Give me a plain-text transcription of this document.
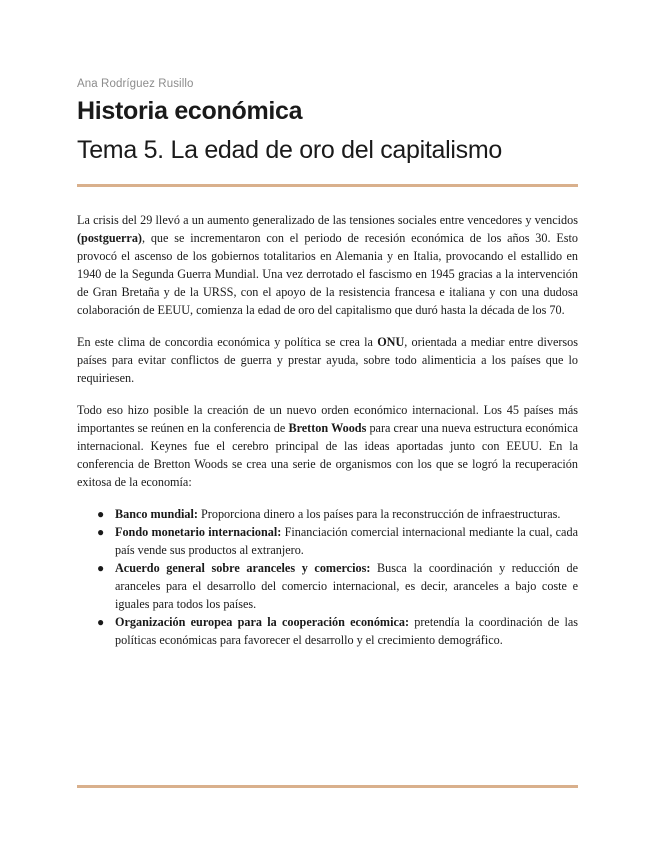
Ana Rodríguez Rusillo
Historia económica
Tema 5. La edad de oro del capitalismo

La crisis del 29 llevó a un aumento generalizado de las tensiones sociales entre vencedores y vencidos (postguerra), que se incrementaron con el periodo de recesión económica de los años 30. Esto provocó el ascenso de los gobiernos totalitarios en Alemania y en Italia, provocando el estallido en 1940 de la Segunda Guerra Mundial. Una vez derrotado el fascismo en 1945 gracias a la intervención de Gran Bretaña y de la URSS, con el apoyo de la resistencia francesa e italiana y con una dudosa colaboración de EEUU, comienza la edad de oro del capitalismo que duró hasta la década de los 70.

En este clima de concordia económica y política se crea la ONU, orientada a mediar entre diversos países para evitar conflictos de guerra y prestar ayuda, sobre todo alimenticia a los países que lo requiriesen.

Todo eso hizo posible la creación de un nuevo orden económico internacional. Los 45 países más importantes se reúnen en la conferencia de Bretton Woods para crear una nueva estructura económica internacional. Keynes fue el cerebro principal de las ideas aportadas junto con EEUU. En la conferencia de Bretton Woods se crea una serie de organismos con los que se logró la recuperación exitosa de la economía:

● Banco mundial: Proporciona dinero a los países para la reconstrucción de infraestructuras.
● Fondo monetario internacional: Financiación comercial internacional mediante la cual, cada país vende sus productos al extranjero.
● Acuerdo general sobre aranceles y comercios: Busca la coordinación y reducción de aranceles para el desarrollo del comercio internacional, es decir, aranceles a bajo coste e iguales para todos los países.
● Organización europea para la cooperación económica: pretendía la coordinación de las políticas económicas para favorecer el desarrollo y el crecimiento demográfico.
